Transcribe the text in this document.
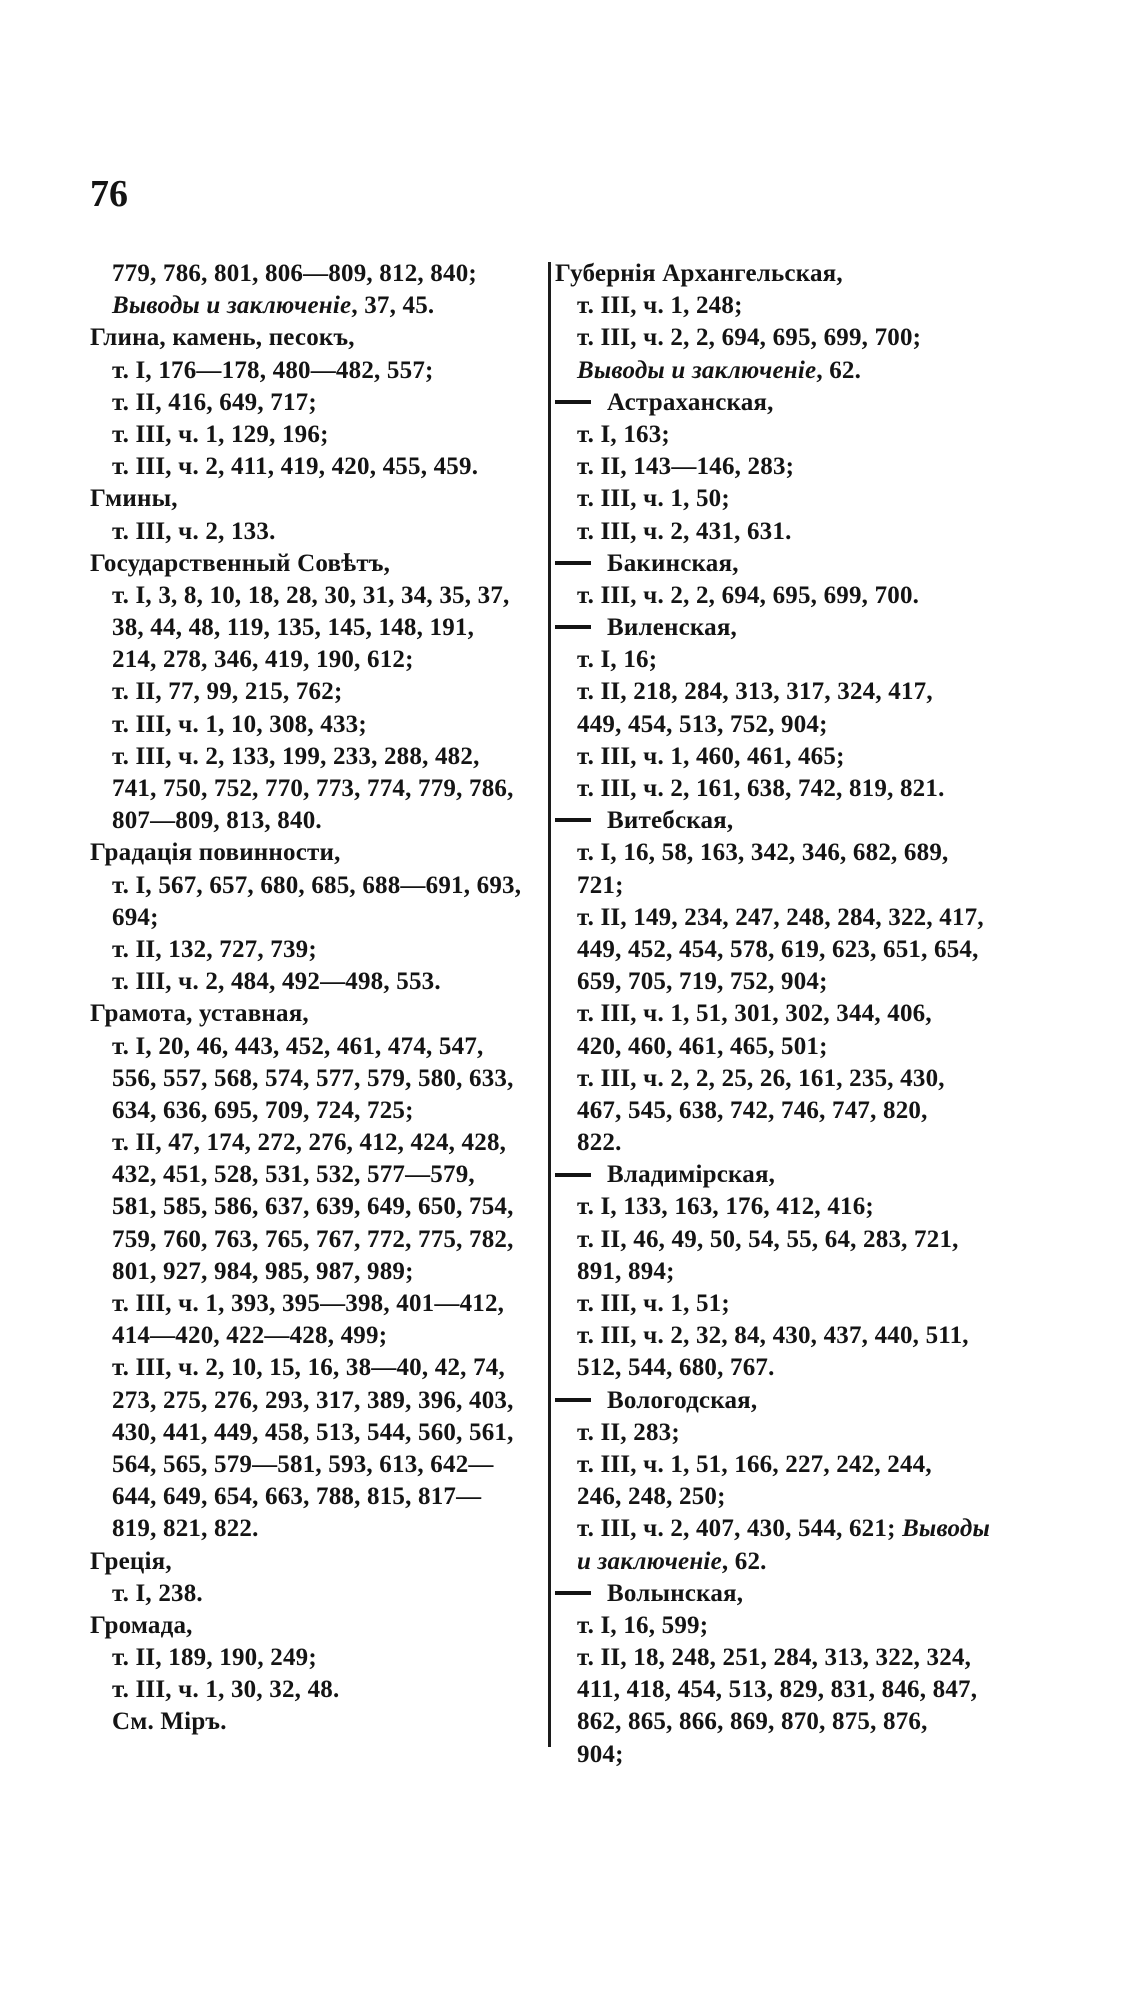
76
779, 786, 801, 806—809, 812, 840;
Выводы и заключенiе, 37, 45.
Глина, камень, песокъ,
т. I, 176—178, 480—482, 557;
т. II, 416, 649, 717;
т. III, ч. 1, 129, 196;
т. III, ч. 2, 411, 419, 420, 455, 459.
Гмины,
т. III, ч. 2, 133.
Государственный Совѣтъ,
т. I, 3, 8, 10, 18, 28, 30, 31, 34, 35, 37,
38, 44, 48, 119, 135, 145, 148, 191,
214, 278, 346, 419, 190, 612;
т. II, 77, 99, 215, 762;
т. III, ч. 1, 10, 308, 433;
т. III, ч. 2, 133, 199, 233, 288, 482,
741, 750, 752, 770, 773, 774, 779, 786,
807—809, 813, 840.
Градацiя повинности,
т. I, 567, 657, 680, 685, 688—691, 693,
694;
т. II, 132, 727, 739;
т. III, ч. 2, 484, 492—498, 553.
Грамота, уставная,
т. I, 20, 46, 443, 452, 461, 474, 547,
556, 557, 568, 574, 577, 579, 580, 633,
634, 636, 695, 709, 724, 725;
т. II, 47, 174, 272, 276, 412, 424, 428,
432, 451, 528, 531, 532, 577—579,
581, 585, 586, 637, 639, 649, 650, 754,
759, 760, 763, 765, 767, 772, 775, 782,
801, 927, 984, 985, 987, 989;
т. III, ч. 1, 393, 395—398, 401—412,
414—420, 422—428, 499;
т. III, ч. 2, 10, 15, 16, 38—40, 42, 74,
273, 275, 276, 293, 317, 389, 396, 403,
430, 441, 449, 458, 513, 544, 560, 561,
564, 565, 579—581, 593, 613, 642—
644, 649, 654, 663, 788, 815, 817—
819, 821, 822.
Грецiя,
т. I, 238.
Громада,
т. II, 189, 190, 249;
т. III, ч. 1, 30, 32, 48.
См. Мiръ.
Губернiя Архангельская,
т. III, ч. 1, 248;
т. III, ч. 2, 2, 694, 695, 699, 700;
Выводы и заключенiе, 62.
Астраханская,
т. I, 163;
т. II, 143—146, 283;
т. III, ч. 1, 50;
т. III, ч. 2, 431, 631.
Бакинская,
т. III, ч. 2, 2, 694, 695, 699, 700.
Виленская,
т. I, 16;
т. II, 218, 284, 313, 317, 324, 417,
449, 454, 513, 752, 904;
т. III, ч. 1, 460, 461, 465;
т. III, ч. 2, 161, 638, 742, 819, 821.
Витебская,
т. I, 16, 58, 163, 342, 346, 682, 689,
721;
т. II, 149, 234, 247, 248, 284, 322, 417,
449, 452, 454, 578, 619, 623, 651, 654,
659, 705, 719, 752, 904;
т. III, ч. 1, 51, 301, 302, 344, 406,
420, 460, 461, 465, 501;
т. III, ч. 2, 2, 25, 26, 161, 235, 430,
467, 545, 638, 742, 746, 747, 820,
822.
Владимiрская,
т. I, 133, 163, 176, 412, 416;
т. II, 46, 49, 50, 54, 55, 64, 283, 721,
891, 894;
т. III, ч. 1, 51;
т. III, ч. 2, 32, 84, 430, 437, 440, 511,
512, 544, 680, 767.
Вологодская,
т. II, 283;
т. III, ч. 1, 51, 166, 227, 242, 244,
246, 248, 250;
т. III, ч. 2, 407, 430, 544, 621; Выводы
и заключенiе, 62.
Волынская,
т. I, 16, 599;
т. II, 18, 248, 251, 284, 313, 322, 324,
411, 418, 454, 513, 829, 831, 846, 847,
862, 865, 866, 869, 870, 875, 876,
904;
